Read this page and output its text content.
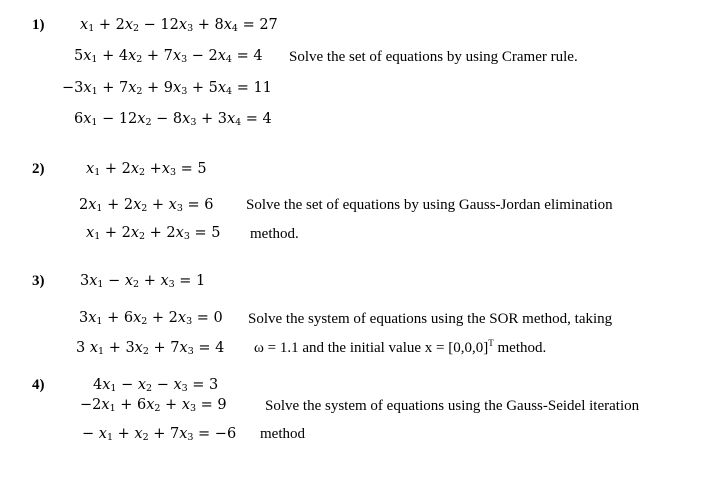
1) $x_1 + 2x_2 - 12x_3 + 8x_4 = 27$
$5x_1 + 4x_2 + 7x_3 - 2x_4 = 4$
$-3x_1 + 7x_2 + 9x_3 + 5x_4 = 11$
$6x_1 - 12x_2 - 8x_3 + 3x_4 = 4$
Solve the set of equations by using Cramer rule.
2)	$x_1 + 2x_2 +x_3 = 5$
$2x_1 + 2x_2 + x_3 = 6$
$x_1 + 2x_2 + 2x_3 = 5$
Solve the set of equations by using Gauss-Jordan elimination
method.
3) $3x_1 - x_2 + x_3 = 1$
$3x_1 + 6x_2 + 2x_3 = 0$
3 $x_1 + 3x_2 + 7x_3 = 4$
Solve the system of equations using the SOR method, taking
ω = 1.1 and the initial value $x = [0,0,0]^T$ method.
4)	$4x_1 - x_2 - x_3 = 3$
$-2x_1 + 6x_2 + x_3 = 9$
− $x_1 + x_2 + 7x_3 = -6$
Solve the system of equations using the Gauss-Seidel iteration
method
